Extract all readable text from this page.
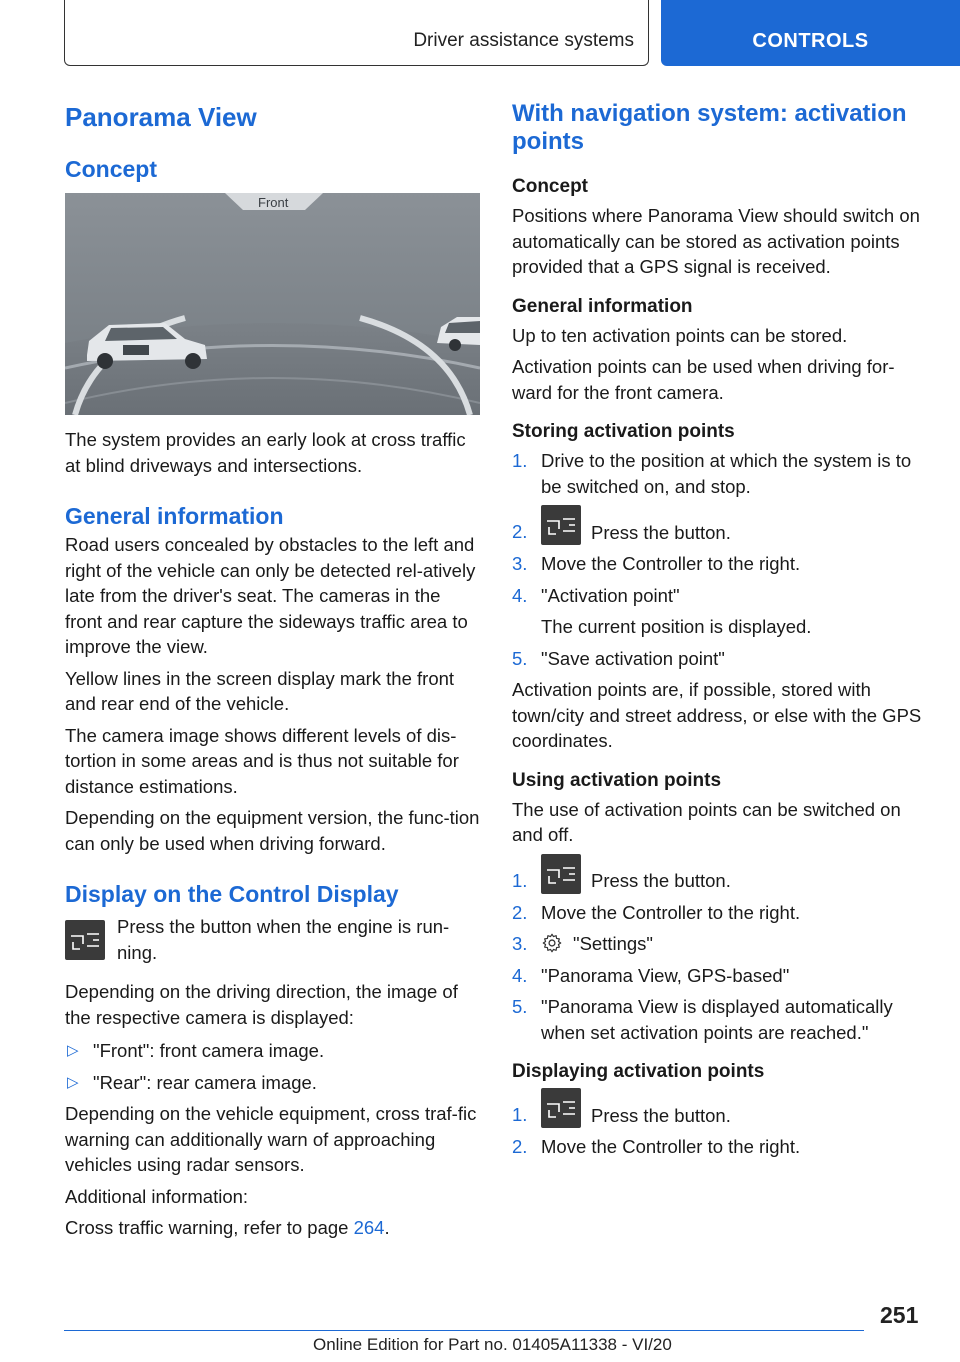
Driver assistance systems	CONTROLS
Panorama View
Concept
Front

The system provides an early look at cross traffic at blind driveways and intersections.

General information

Road users concealed by obstacles to the left and right of the vehicle can only be detected rel-atively late from the driver's seat. The cameras in the front and rear capture the sideways traffic area to improve the view.

Yellow lines in the screen display mark the front and rear end of the vehicle.

The camera image shows different levels of dis-tortion in some areas and is thus not suitable for distance estimations.

Depending on the equipment version, the func-tion can only be used when driving forward.

Display on the Control Display

Press the button when the engine is run-ning.

Depending on the driving direction, the image of the respective camera is displayed:

▷ "Front": front camera image.
▷ "Rear": rear camera image.

Depending on the vehicle equipment, cross traf-fic warning can additionally warn of approaching vehicles using radar sensors.

Additional information:

Cross traffic warning, refer to page 264.

With navigation system: activation points
Concept

Positions where Panorama View should switch on automatically can be stored as activation points provided that a GPS signal is received.

General information

Up to ten activation points can be stored.

Activation points can be used when driving for-ward for the front camera.

Storing activation points
1. Drive to the position at which the system is to be switched on, and stop.
2.	Press the button.
3. Move the Controller to the right.
4. "Activation point"
The current position is displayed.
5. "Save activation point"

Activation points are, if possible, stored with town/city and street address, or else with the GPS coordinates.

Using activation points

The use of activation points can be switched on and off.

1.	Press the button.
2. Move the Controller to the right.
3. "Settings"
4. "Panorama View, GPS-based"
5. "Panorama View is displayed automatically when set activation points are reached."
Displaying activation points
1.	Press the button.
2. Move the Controller to the right.
251
Online Edition for Part no. 01405A11338 - VI/20
